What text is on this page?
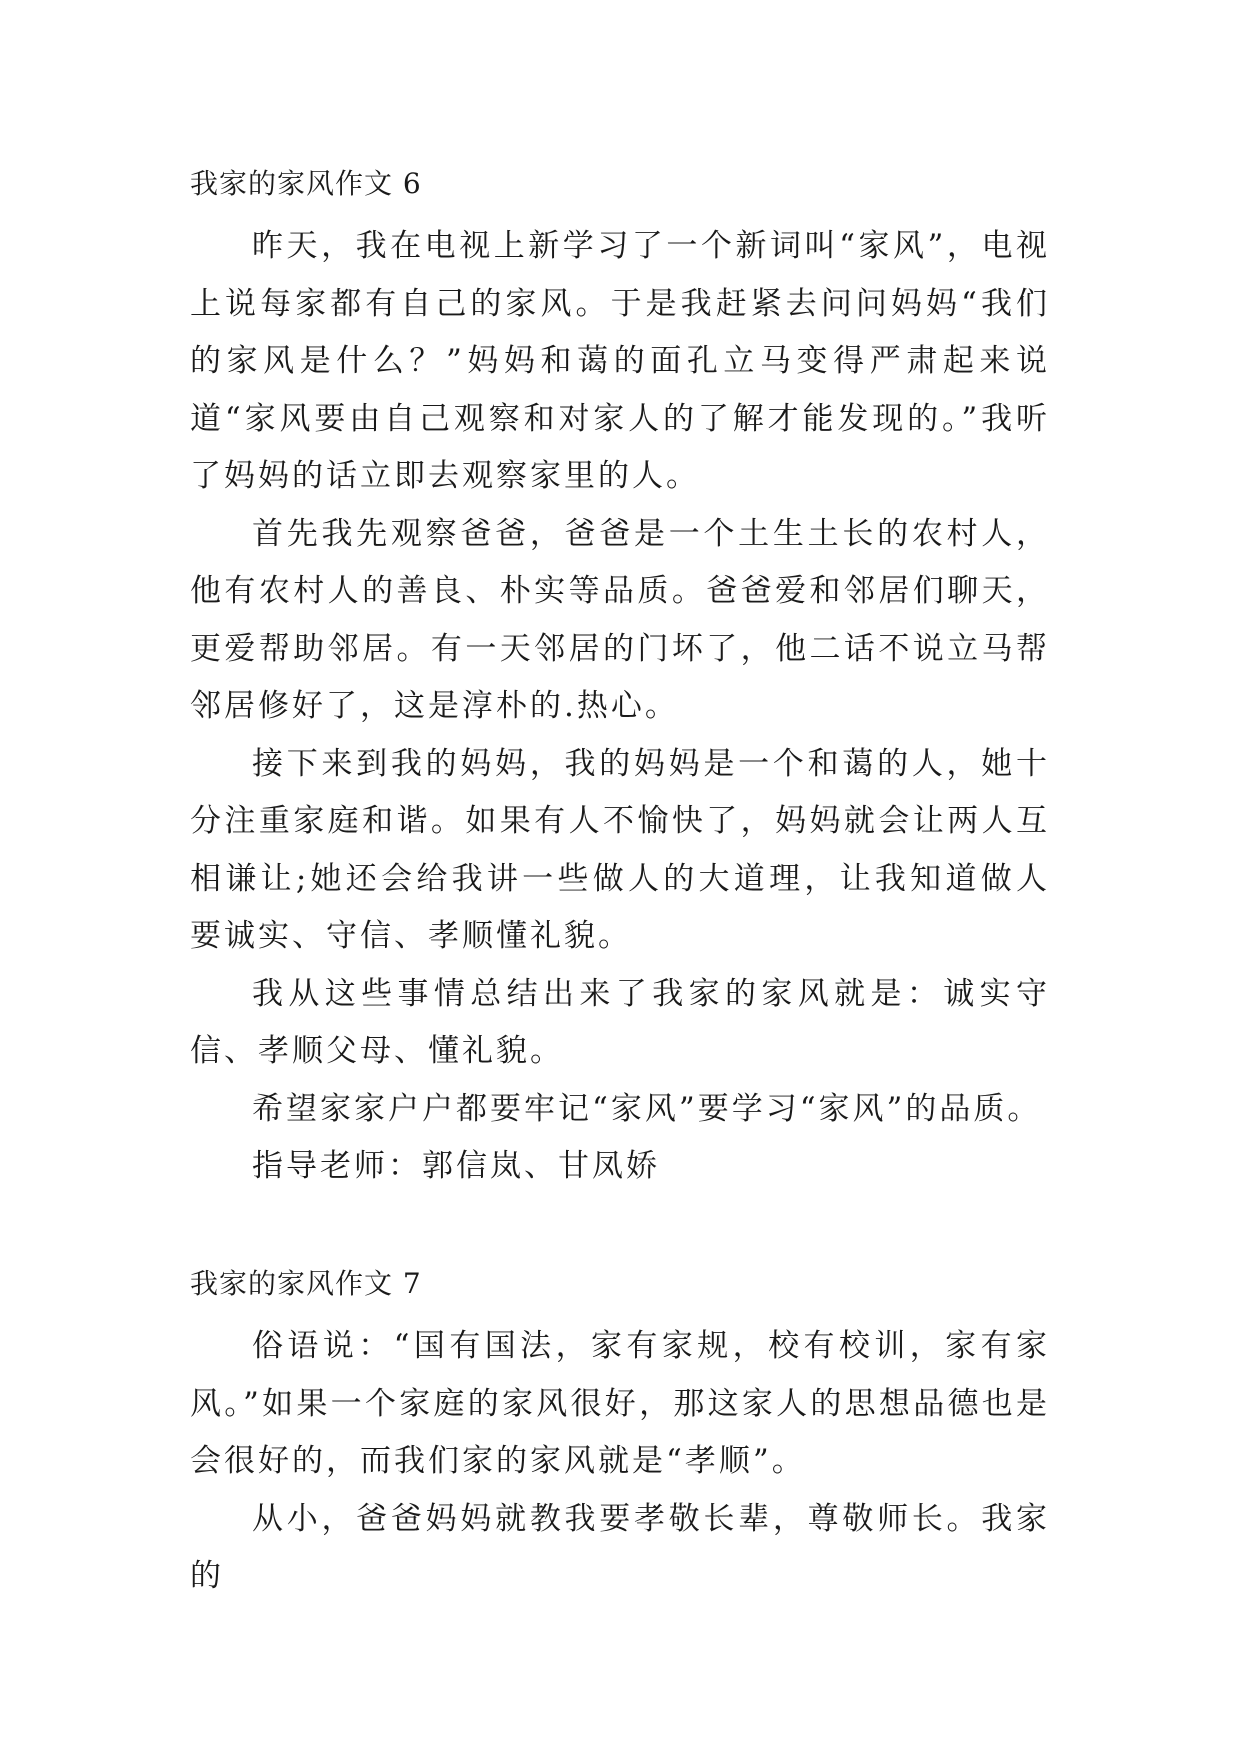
我家的家风作文 6

昨天，我在电视上新学习了一个新词叫“家风”，电视上说每家都有自己的家风。于是我赶紧去问问妈妈“我们的家风是什么？”妈妈和蔼的面孔立马变得严肃起来说道“家风要由自己观察和对家人的了解才能发现的。”我听了妈妈的话立即去观察家里的人。

首先我先观察爸爸，爸爸是一个土生土长的农村人，他有农村人的善良、朴实等品质。爸爸爱和邻居们聊天，更爱帮助邻居。有一天邻居的门坏了，他二话不说立马帮邻居修好了，这是淳朴的.热心。

接下来到我的妈妈，我的妈妈是一个和蔼的人，她十分注重家庭和谐。如果有人不愉快了，妈妈就会让两人互相谦让;她还会给我讲一些做人的大道理，让我知道做人要诚实、守信、孝顺懂礼貌。

我从这些事情总结出来了我家的家风就是：诚实守信、孝顺父母、懂礼貌。

希望家家户户都要牢记“家风”要学习“家风”的品质。

指导老师：郭信岚、甘凤娇

我家的家风作文 7

俗语说：“国有国法，家有家规，校有校训，家有家风。”如果一个家庭的家风很好，那这家人的思想品德也是会很好的，而我们家的家风就是“孝顺”。

从小，爸爸妈妈就教我要孝敬长辈，尊敬师长。我家的
